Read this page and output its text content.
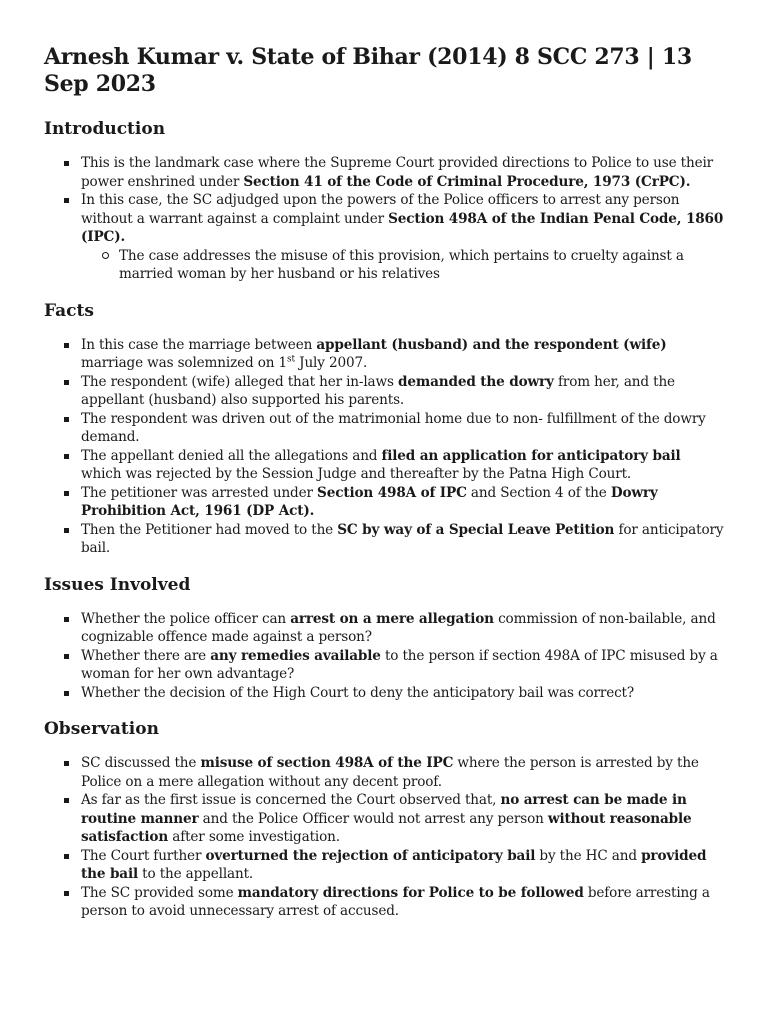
Arnesh Kumar v. State of Bihar (2014) 8 SCC 273 | 13 Sep 2023
Introduction
This is the landmark case where the Supreme Court provided directions to Police to use their power enshrined under Section 41 of the Code of Criminal Procedure, 1973 (CrPC).
In this case, the SC adjudged upon the powers of the Police officers to arrest any person without a warrant against a complaint under Section 498A of the Indian Penal Code, 1860 (IPC).
The case addresses the misuse of this provision, which pertains to cruelty against a married woman by her husband or his relatives
Facts
In this case the marriage between appellant (husband) and the respondent (wife) marriage was solemnized on 1st July 2007.
The respondent (wife) alleged that her in-laws demanded the dowry from her, and the appellant (husband) also supported his parents.
The respondent was driven out of the matrimonial home due to non- fulfillment of the dowry demand.
The appellant denied all the allegations and filed an application for anticipatory bail which was rejected by the Session Judge and thereafter by the Patna High Court.
The petitioner was arrested under Section 498A of IPC and Section 4 of the Dowry Prohibition Act, 1961 (DP Act).
Then the Petitioner had moved to the SC by way of a Special Leave Petition for anticipatory bail.
Issues Involved
Whether the police officer can arrest on a mere allegation commission of non-bailable, and cognizable offence made against a person?
Whether there are any remedies available to the person if section 498A of IPC misused by a woman for her own advantage?
Whether the decision of the High Court to deny the anticipatory bail was correct?
Observation
SC discussed the misuse of section 498A of the IPC where the person is arrested by the Police on a mere allegation without any decent proof.
As far as the first issue is concerned the Court observed that, no arrest can be made in routine manner and the Police Officer would not arrest any person without reasonable satisfaction after some investigation.
The Court further overturned the rejection of anticipatory bail by the HC and provided the bail to the appellant.
The SC provided some mandatory directions for Police to be followed before arresting a person to avoid unnecessary arrest of accused.
